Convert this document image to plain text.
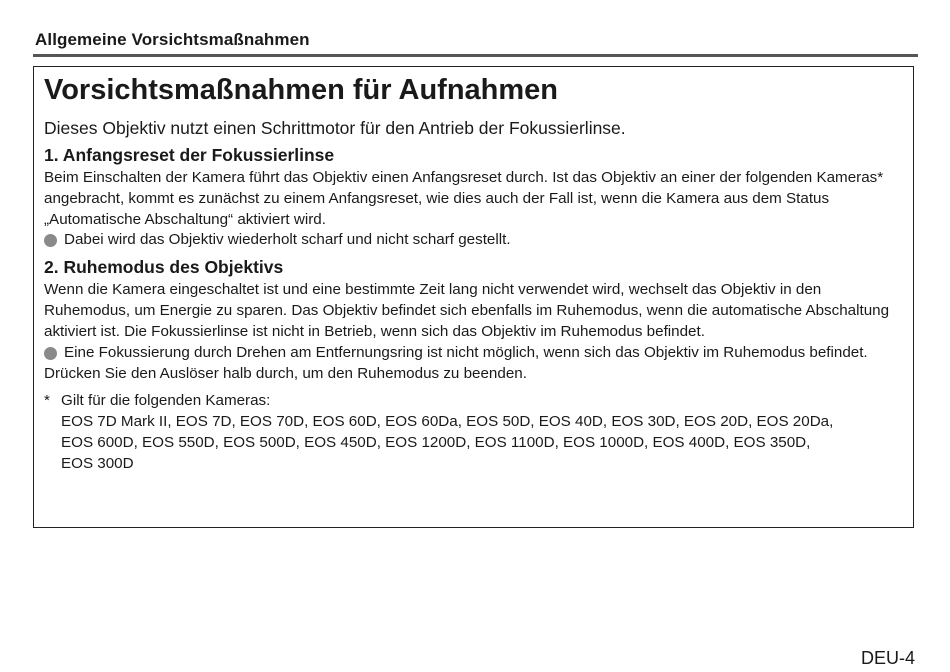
Allgemeine Vorsichtsmaßnahmen
Vorsichtsmaßnahmen für Aufnahmen

Dieses Objektiv nutzt einen Schrittmotor für den Antrieb der Fokussierlinse.

1. Anfangsreset der Fokussierlinse

Beim Einschalten der Kamera führt das Objektiv einen Anfangsreset durch. Ist das Objektiv an einer der folgenden Kameras* angebracht, kommt es zunächst zu einem Anfangsreset, wie dies auch der Fall ist, wenn die Kamera aus dem Status „Automatische Abschaltung“ aktiviert wird.

Dabei wird das Objektiv wiederholt scharf und nicht scharf gestellt.
2. Ruhemodus des Objektivs

Wenn die Kamera eingeschaltet ist und eine bestimmte Zeit lang nicht verwendet wird, wechselt das Objektiv in den Ruhemodus, um Energie zu sparen. Das Objektiv befindet sich ebenfalls im Ruhemodus, wenn die automatische Abschaltung aktiviert ist. Die Fokussierlinse ist nicht in Betrieb, wenn sich das Objektiv im Ruhemodus befindet.

Eine Fokussierung durch Drehen am Entfernungsring ist nicht möglich, wenn sich das Objektiv im Ruhemodus befindet.

Drücken Sie den Auslöser halb durch, um den Ruhemodus zu beenden.

* Gilt für die folgenden Kameras:
EOS 7D Mark II, EOS 7D, EOS 70D, EOS 60D, EOS 60Da, EOS 50D, EOS 40D, EOS 30D, EOS 20D, EOS 20Da,
EOS 600D, EOS 550D, EOS 500D, EOS 450D, EOS 1200D, EOS 1100D, EOS 1000D, EOS 400D, EOS 350D,
EOS 300D
DEU-4
